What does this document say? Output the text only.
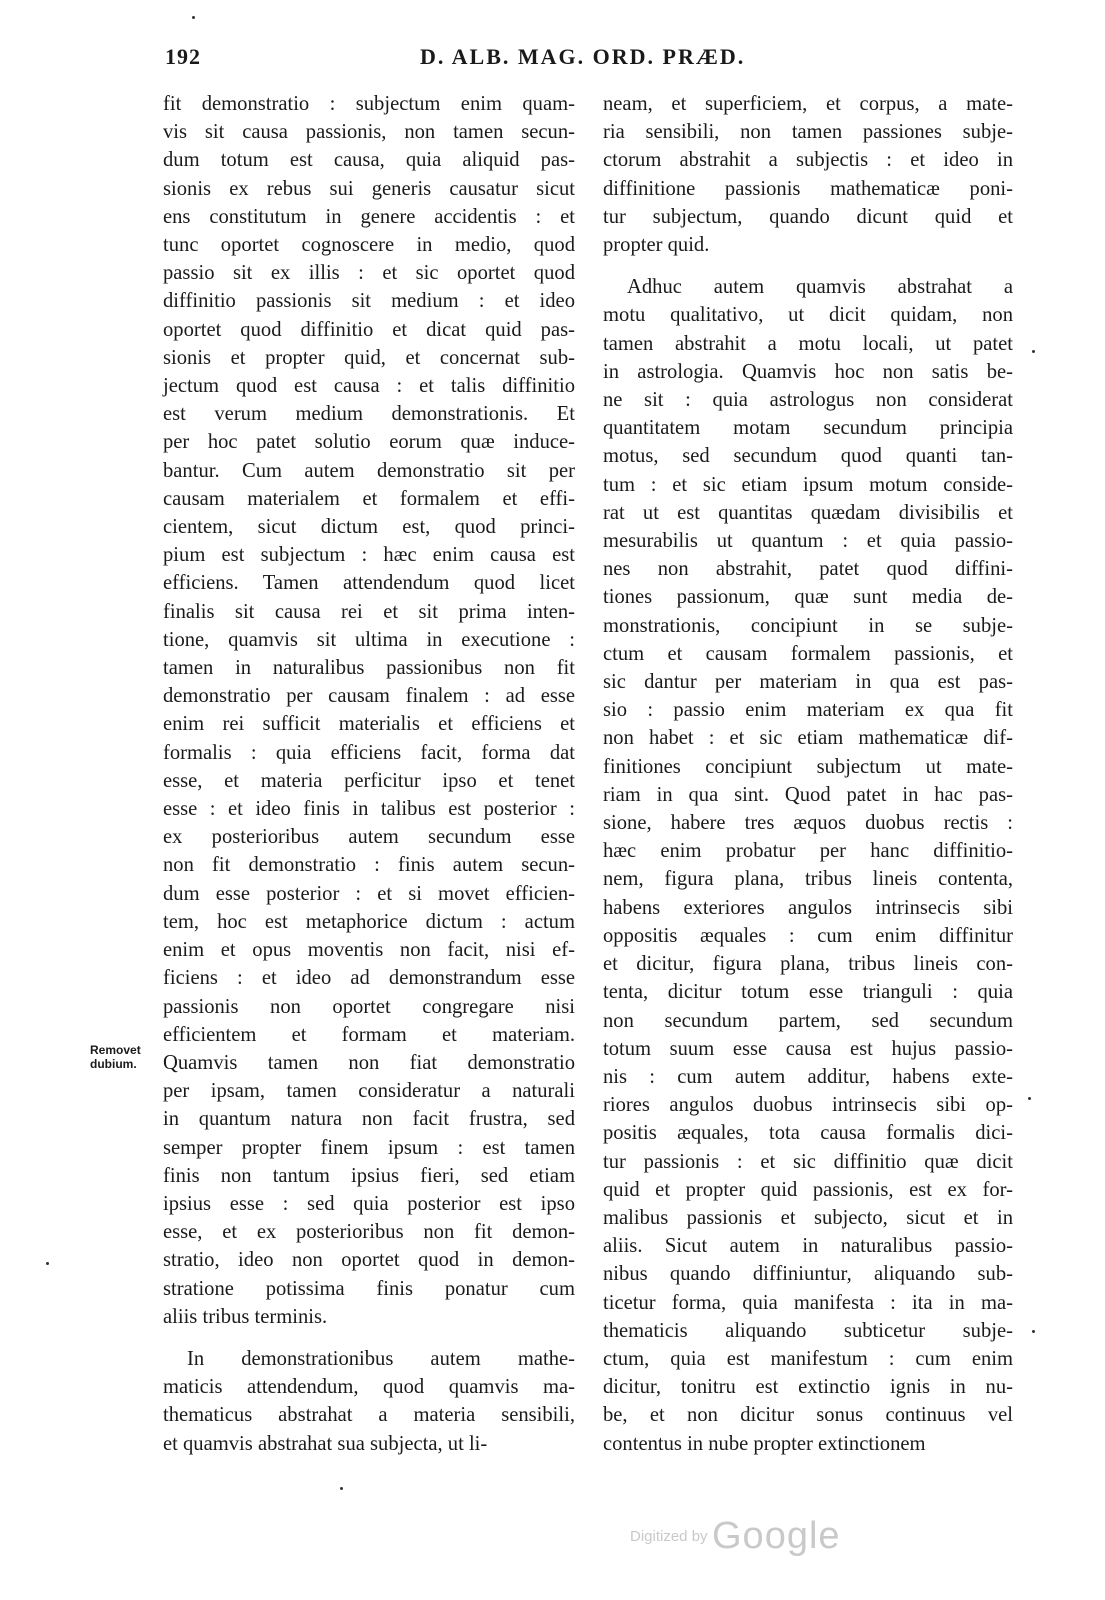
192	D. ALB. MAG. ORD. PRÆD.
Removet
dubium.
fit demonstratio : subjectum enim quam-
vis sit causa passionis, non tamen secun-
dum totum est causa, quia aliquid pas-
sionis ex rebus sui generis causatur sicut
ens constitutum in genere accidentis : et
tunc oportet cognoscere in medio, quod
passio sit ex illis : et sic oportet quod
diffinitio passionis sit medium : et ideo
oportet quod diffinitio et dicat quid pas-
sionis et propter quid, et concernat sub-
jectum quod est causa : et talis diffinitio
est verum medium demonstrationis. Et
per hoc patet solutio eorum quæ induce-
bantur. Cum autem demonstratio sit per
causam materialem et formalem et effi-
cientem, sicut dictum est, quod princi-
pium est subjectum : hæc enim causa est
efficiens. Tamen attendendum quod licet
finalis sit causa rei et sit prima inten-
tione, quamvis sit ultima in executione :
tamen in naturalibus passionibus non fit
demonstratio per causam finalem : ad esse
enim rei sufficit materialis et efficiens et
formalis : quia efficiens facit, forma dat
esse, et materia perficitur ipso et tenet
esse : et ideo finis in talibus est posterior :
ex posterioribus autem secundum esse
non fit demonstratio : finis autem secun-
dum esse posterior : et si movet efficien-
tem, hoc est metaphorice dictum : actum
enim et opus moventis non facit, nisi ef-
ficiens : et ideo ad demonstrandum esse
passionis non oportet congregare nisi
efficientem et formam et materiam.
Quamvis tamen non fiat demonstratio
per ipsam, tamen consideratur a naturali
in quantum natura non facit frustra, sed
semper propter finem ipsum : est tamen
finis non tantum ipsius fieri, sed etiam
ipsius esse : sed quia posterior est ipso
esse, et ex posterioribus non fit demon-
stratio, ideo non oportet quod in demon-
stratione potissima finis ponatur cum
aliis tribus terminis.
In demonstrationibus autem mathe-
maticis attendendum, quod quamvis ma-
thematicus abstrahat a materia sensibili,
et quamvis abstrahat sua subjecta, ut li-
neam, et superficiem, et corpus, a mate-
ria sensibili, non tamen passiones subje-
ctorum abstrahit a subjectis : et ideo in
diffinitione passionis mathematicæ poni-
tur subjectum, quando dicunt quid et
propter quid.
Adhuc autem quamvis abstrahat a
motu qualitativo, ut dicit quidam, non
tamen abstrahit a motu locali, ut patet
in astrologia. Quamvis hoc non satis be-
ne sit : quia astrologus non considerat
quantitatem motam secundum principia
motus, sed secundum quod quanti tan-
tum : et sic etiam ipsum motum conside-
rat ut est quantitas quædam divisibilis et
mesurabilis ut quantum : et quia passio-
nes non abstrahit, patet quod diffini-
tiones passionum, quæ sunt media de-
monstrationis, concipiunt in se subje-
ctum et causam formalem passionis, et
sic dantur per materiam in qua est pas-
sio : passio enim materiam ex qua fit
non habet : et sic etiam mathematicæ dif-
finitiones concipiunt subjectum ut mate-
riam in qua sint. Quod patet in hac pas-
sione, habere tres æquos duobus rectis :
hæc enim probatur per hanc diffinitio-
nem, figura plana, tribus lineis contenta,
habens exteriores angulos intrinsecis sibi
oppositis æquales : cum enim diffinitur
et dicitur, figura plana, tribus lineis con-
tenta, dicitur totum esse trianguli : quia
non secundum partem, sed secundum
totum suum esse causa est hujus passio-
nis : cum autem additur, habens exte-
riores angulos duobus intrinsecis sibi op-
positis æquales, tota causa formalis dici-
tur passionis : et sic diffinitio quæ dicit
quid et propter quid passionis, est ex for-
malibus passionis et subjecto, sicut et in
aliis. Sicut autem in naturalibus passio-
nibus quando diffiniuntur, aliquando sub-
ticetur forma, quia manifesta : ita in ma-
thematicis aliquando subticetur subje-
ctum, quia est manifestum : cum enim
dicitur, tonitru est extinctio ignis in nu-
be, et non dicitur sonus continuus vel
contentus in nube propter extinctionem
Digitized by Google
